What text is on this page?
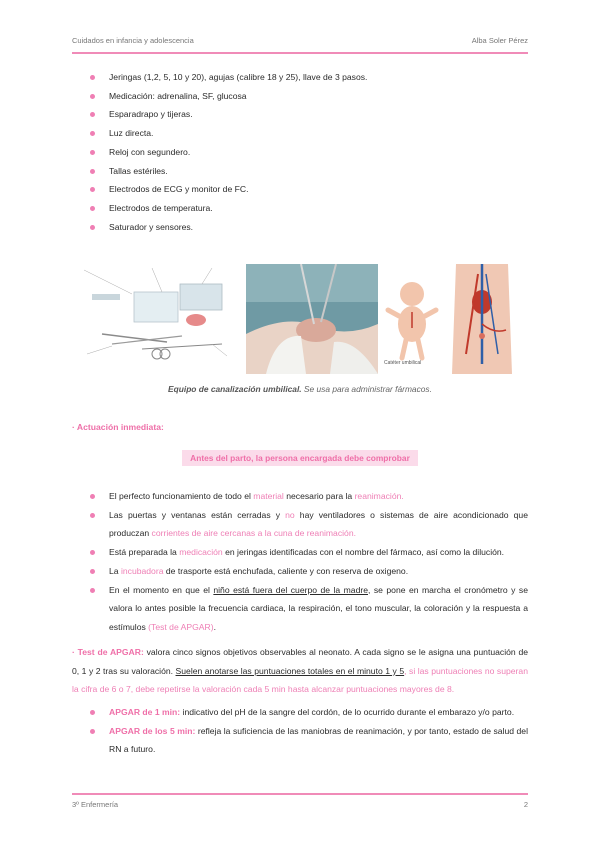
Cuidados en infancia y adolescencia	Alba Soler Pérez
Jeringas (1,2, 5, 10 y 20), agujas (calibre 18 y 25), llave de 3 pasos.
Medicación: adrenalina, SF, glucosa
Esparadrapo y tijeras.
Luz directa.
Reloj con segundero.
Tallas estériles.
Electrodos de ECG y monitor de FC.
Electrodos de temperatura.
Saturador y sensores.
Catéter umbilical
Equipo de canalización umbilical. Se usa para administrar fármacos.
· Actuación inmediata:
Antes del parto, la persona encargada debe comprobar
El perfecto funcionamiento de todo el material necesario para la reanimación.
Las puertas y ventanas están cerradas y no hay ventiladores o sistemas de aire acondicionado que produczan corrientes de aire cercanas a la cuna de reanimación.
Está preparada la medicación en jeringas identificadas con el nombre del fármaco, así como la dilución.
La incubadora de trasporte está enchufada, caliente y con reserva de oxigeno.
En el momento en que el niño está fuera del cuerpo de la madre, se pone en marcha el cronómetro y se valora lo antes posible la frecuencia cardiaca, la respiración, el tono muscular, la coloración y la respuesta a estímulos (Test de APGAR).
· Test de APGAR: valora cinco signos objetivos observables al neonato. A cada signo se le asigna una puntuación de 0, 1 y 2 tras su valoración. Suelen anotarse las puntuaciones totales en el minuto 1 y 5, si las puntuaciones no superan la cifra de 6 o 7, debe repetirse la valoración cada 5 min hasta alcanzar puntuaciones mayores de 8.
APGAR de 1 min: indicativo del pH de la sangre del cordón, de lo ocurrido durante el embarazo y/o parto.
APGAR de los 5 min: refleja la suficiencia de las maniobras de reanimación, y por tanto, estado de salud del RN a futuro.
3º Enfermería	2
